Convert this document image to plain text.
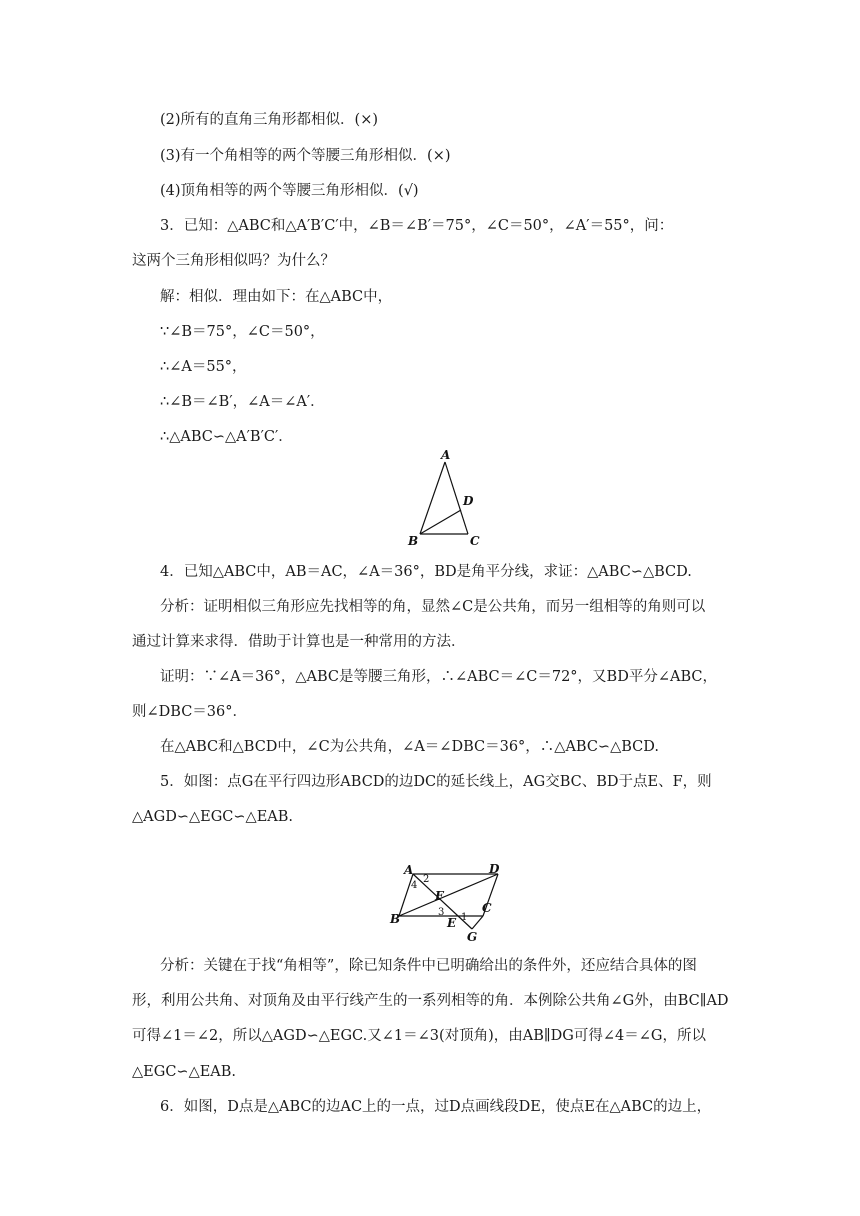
(2)所有的直角三角形都相似．(×)
(3)有一个角相等的两个等腰三角形相似．(×)
(4)顶角相等的两个等腰三角形相似．(√)
3．已知：△ABC和△A′B′C′中，∠B＝∠B′＝75°，∠C＝50°，∠A′＝55°，问：
这两个三角形相似吗？为什么？
解：相似．理由如下：在△ABC中，
∵∠B＝75°，∠C＝50°，
∴∠A＝55°，
∴∠B＝∠B′，∠A＝∠A′．
∴△ABC∽△A′B′C′．
A
D
B	C
4．已知△ABC中，AB＝AC，∠A＝36°，BD是角平分线，求证：△ABC∽△BCD.
分析：证明相似三角形应先找相等的角，显然∠C是公共角，而另一组相等的角则可以
通过计算来求得．借助于计算也是一种常用的方法．
证明：∵∠A＝36°，△ABC是等腰三角形，∴∠ABC＝∠C＝72°，又BD平分∠ABC，
则∠DBC＝36°．
在△ABC和△BCD中，∠C为公共角，∠A＝∠DBC＝36°，∴△ABC∽△BCD.
5．如图：点G在平行四边形ABCD的边DC的延长线上，AG交BC、BD于点E、F，则
△AGD∽△EGC∽△EAB.
A	D
B
C
F
E
G
1
2
3
4
分析：关键在于找“角相等”，除已知条件中已明确给出的条件外，还应结合具体的图
形，利用公共角、对顶角及由平行线产生的一系列相等的角．本例除公共角∠G外，由BC∥AD
可得∠1＝∠2，所以△AGD∽△EGC.又∠1＝∠3(对顶角)，由AB∥DG可得∠4＝∠G，所以
△EGC∽△EAB.
6．如图，D点是△ABC的边AC上的一点，过D点画线段DE，使点E在△ABC的边上，
